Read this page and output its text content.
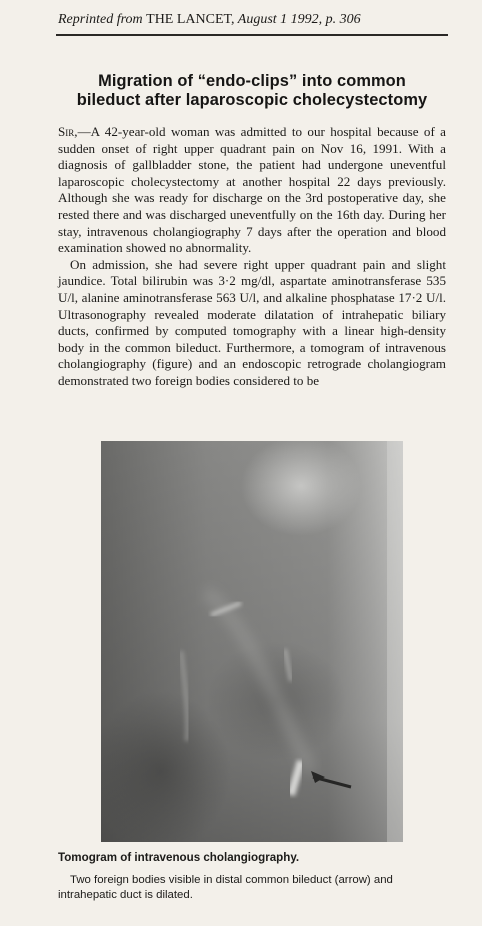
Reprinted from THE LANCET, August 1 1992, p. 306
Migration of “endo-clips” into common
bileduct after laparoscopic cholecystectomy

Sir,—A 42-year-old woman was admitted to our hospital because of a sudden onset of right upper quadrant pain on Nov 16, 1991. With a diagnosis of gallbladder stone, the patient had undergone uneventful laparoscopic cholecystectomy at another hospital 22 days previously. Although she was ready for discharge on the 3rd postoperative day, she rested there and was discharged uneventfully on the 16th day. During her stay, intravenous cholangiography 7 days after the operation and blood examination showed no abnormality.

On admission, she had severe right upper quadrant pain and slight jaundice. Total bilirubin was 3·2 mg/dl, aspartate aminotransferase 535 U/l, alanine aminotransferase 563 U/l, and alkaline phosphatase 17·2 U/l. Ultrasonography revealed moderate dilatation of intrahepatic biliary ducts, confirmed by computed tomography with a linear high-density body in the common bileduct. Furthermore, a tomogram of intravenous cholangiography (figure) and an endoscopic retrograde cholangiogram demonstrated two foreign bodies considered to be

Tomogram of intravenous cholangiography.
Two foreign bodies visible in distal common bileduct (arrow) and intrahepatic duct is dilated.
